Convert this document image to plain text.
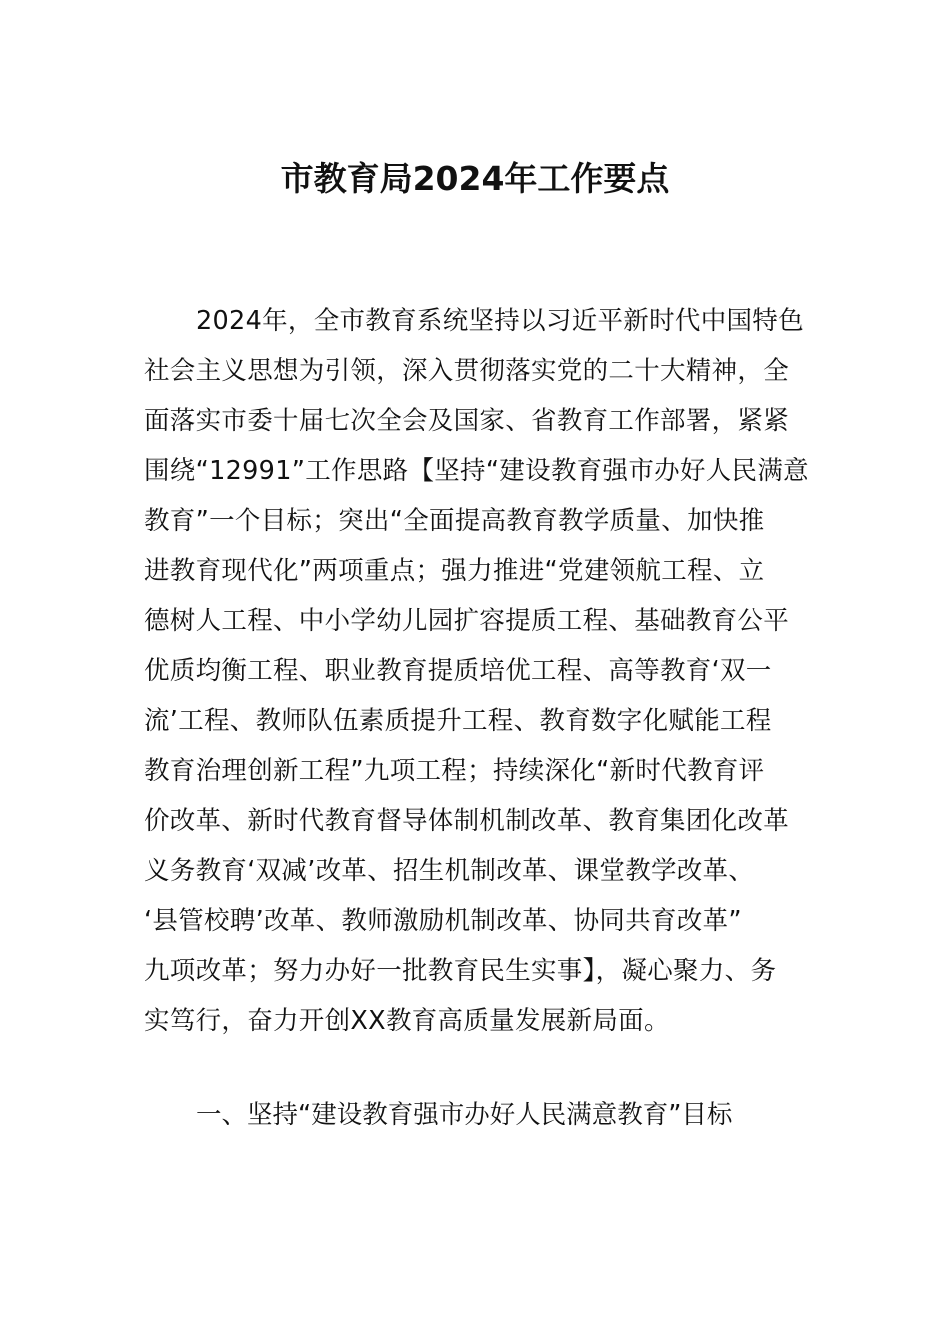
市教育局2024年工作要点
2024年，全市教育系统坚持以习近平新时代中国特色
社会主义思想为引领，深入贯彻落实党的二十大精神，全
面落实市委十届七次全会及国家、省教育工作部署，紧紧
围绕“12991”工作思路【坚持“建设教育强市办好人民满意
教育”一个目标；突出“全面提高教育教学质量、加快推
进教育现代化”两项重点；强力推进“党建领航工程、立
德树人工程、中小学幼儿园扩容提质工程、基础教育公平
优质均衡工程、职业教育提质培优工程、高等教育‘双一
流’工程、教师队伍素质提升工程、教育数字化赋能工程
教育治理创新工程”九项工程；持续深化“新时代教育评
价改革、新时代教育督导体制机制改革、教育集团化改革
义务教育‘双减’改革、招生机制改革、课堂教学改革、
‘县管校聘’改革、教师激励机制改革、协同共育改革”
九项改革；努力办好一批教育民生实事】，凝心聚力、务
实笃行，奋力开创XX教育高质量发展新局面。
一、坚持“建设教育强市办好人民满意教育”目标
